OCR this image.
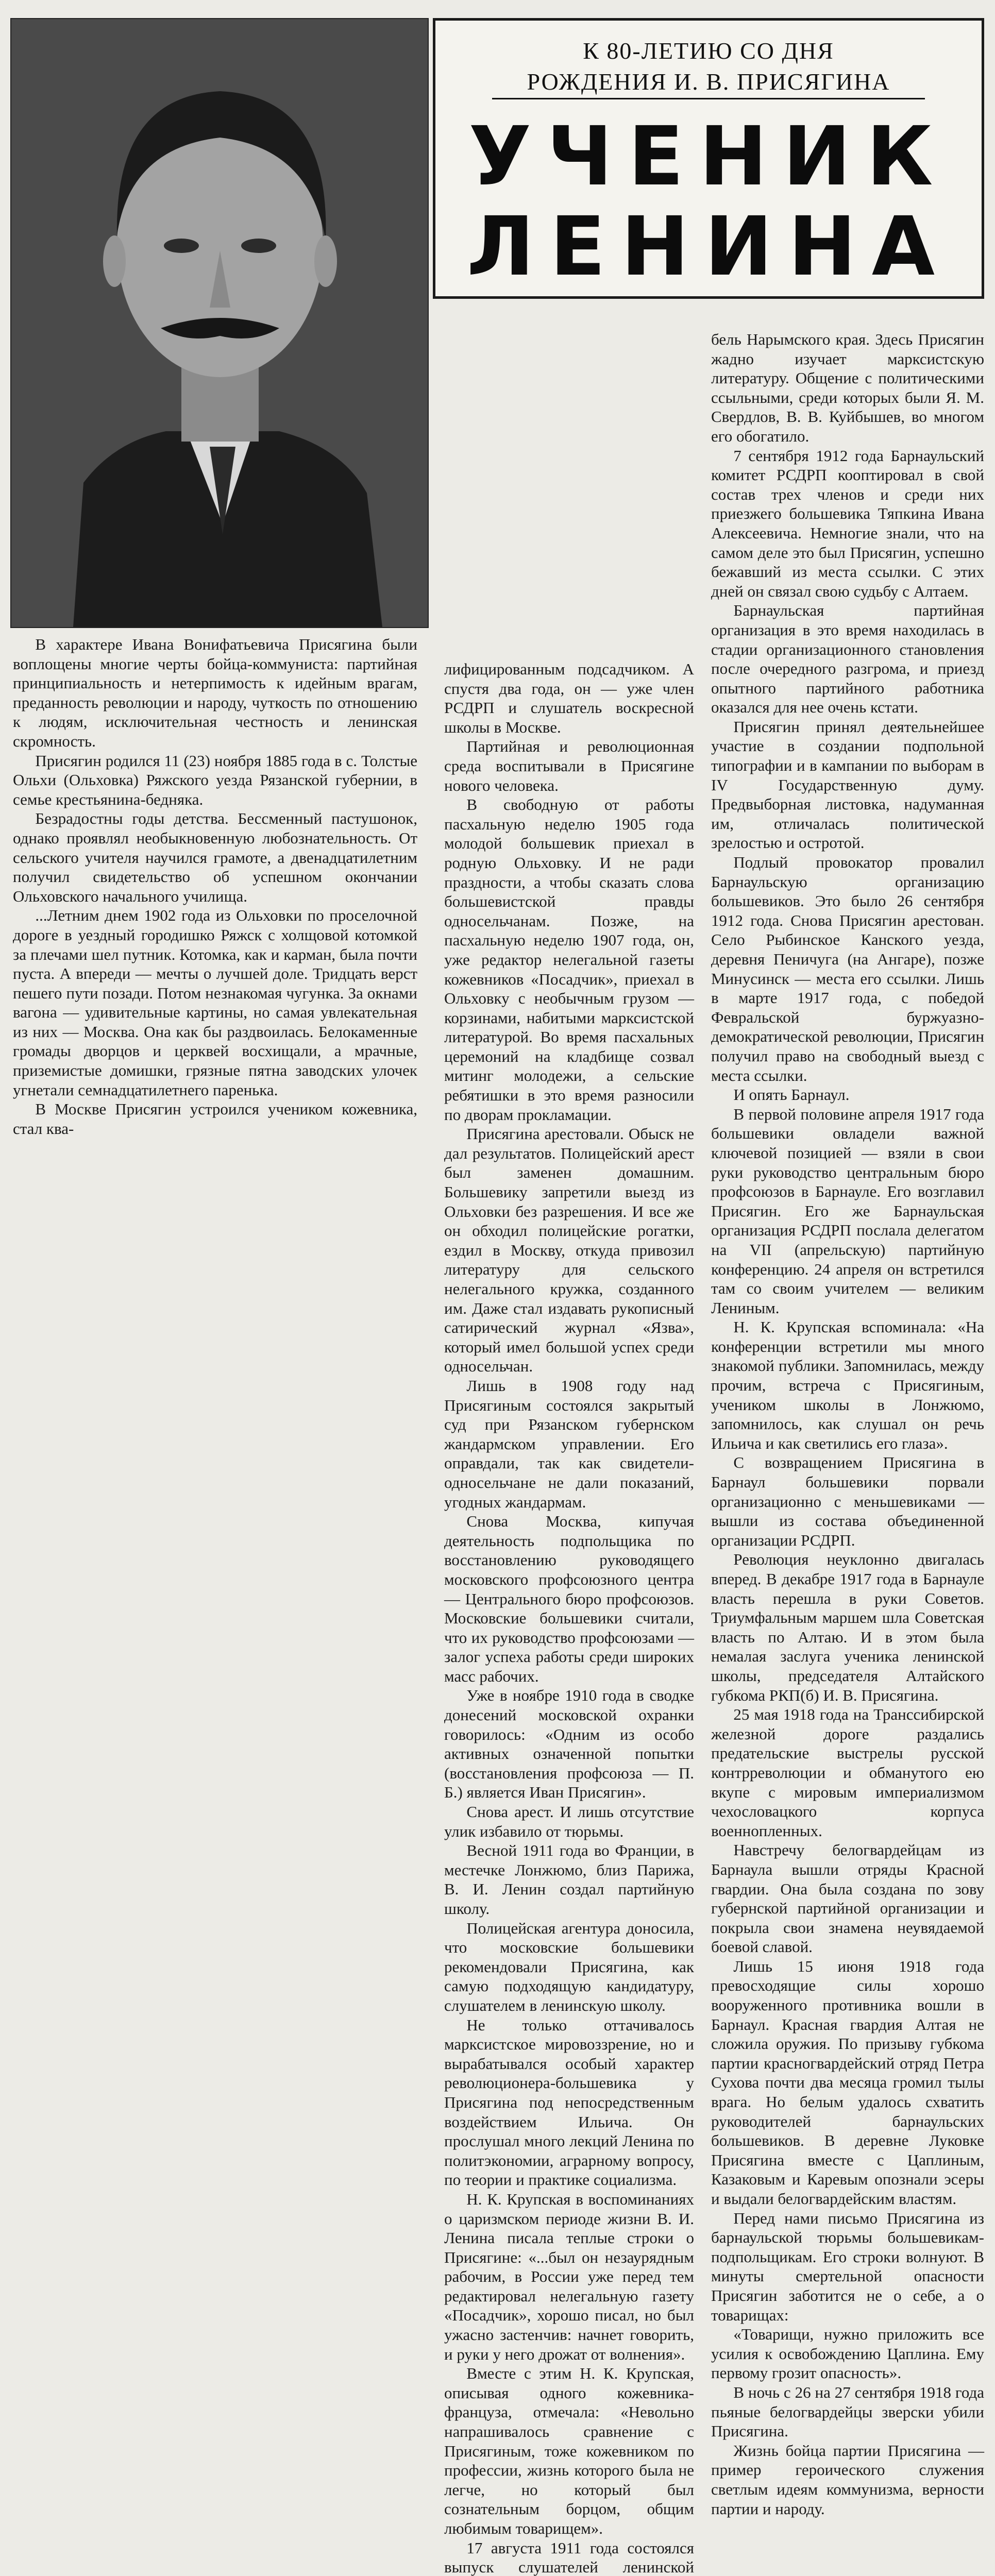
К 80-ЛЕТИЮ СО ДНЯ
РОЖДЕНИЯ И. В. ПРИСЯГИНА
УЧЕНИК
ЛЕНИНА

В характере Ивана Вонифатьевича Присягина были воплощены многие черты бойца-коммуниста: партийная принципиальность и нетерпимость к идейным врагам, преданность революции и народу, чуткость по отношению к людям, исключительная честность и ленинская скромность.

Присягин родился 11 (23) ноября 1885 года в с. Толстые Ольхи (Ольховка) Ряжского уезда Рязанской губернии, в семье крестьянина-бедняка.

Безрадостны годы детства. Бессменный пастушонок, однако проявлял необыкновенную любознательность. От сельского учителя научился грамоте, а двенадцатилетним получил свидетельство об успешном окончании Ольховского начального училища.

...Летним днем 1902 года из Ольховки по проселочной дороге в уездный городишко Ряжск с холщовой котомкой за плечами шел путник. Котомка, как и карман, была почти пуста. А впереди — мечты о лучшей доле. Тридцать верст пешего пути позади. Потом незнакомая чугунка. За окнами вагона — удивительные картины, но самая увлекательная из них — Москва. Она как бы раздвоилась. Белокаменные громады дворцов и церквей восхищали, а мрачные, приземистые домишки, грязные пятна заводских улочек угнетали семнадцатилетнего паренька.

В Москве Присягин устроился учеником кожевника, стал ква-

лифицированным подсадчиком. А спустя два года, он — уже член РСДРП и слушатель воскресной школы в Москве.

Партийная и революционная среда воспитывали в Присягине нового человека.

В свободную от работы пасхальную неделю 1905 года молодой большевик приехал в родную Ольховку. И не ради праздности, а чтобы сказать слова большевистской правды односельчанам. Позже, на пасхальную неделю 1907 года, он, уже редактор нелегальной газеты кожевников «Посадчик», приехал в Ольховку с необычным грузом — корзинами, набитыми марксистской литературой. Во время пасхальных церемоний на кладбище созвал митинг молодежи, а сельские ребятишки в это время разносили по дворам прокламации.

Присягина арестовали. Обыск не дал результатов. Полицейский арест был заменен домашним. Большевику запретили выезд из Ольховки без разрешения. И все же он обходил полицейские рогатки, ездил в Москву, откуда привозил литературу для сельского нелегального кружка, созданного им. Даже стал издавать рукописный сатирический журнал «Язва», который имел большой успех среди односельчан.

Лишь в 1908 году над Присягиным состоялся закрытый суд при Рязанском губернском жандармском управлении. Его оправдали, так как свидетели-односельчане не дали показаний, угодных жандармам.

Снова Москва, кипучая деятельность подпольщика по восстановлению руководящего московского профсоюзного центра — Центрального бюро профсоюзов. Московские большевики считали, что их руководство профсоюзами — залог успеха работы среди широких масс рабочих.

Уже в ноябре 1910 года в сводке донесений московской охранки говорилось: «Одним из особо активных означенной попытки (восстановления профсоюза — П. Б.) является Иван Присягин».

Снова арест. И лишь отсутствие улик избавило от тюрьмы.

Весной 1911 года во Франции, в местечке Лонжюмо, близ Парижа, В. И. Ленин создал партийную школу.

Полицейская агентура доносила, что московские большевики рекомендовали Присягина, как самую подходящую кандидатуру, слушателем в ленинскую школу.

Не только оттачивалось марксистское мировоззрение, но и вырабатывался особый характер революционера-большевика у Присягина под непосредственным воздействием Ильича. Он прослушал много лекций Ленина по политэкономии, аграрному вопросу, по теории и практике социализма.

Н. К. Крупская в воспоминаниях о царизмском периоде жизни В. И. Ленина писала теплые строки о Присягине: «...был он незаурядным рабочим, в России уже перед тем редактировал нелегальную газету «Посадчик», хорошо писал, но был ужасно застенчив: начнет говорить, и руки у него дрожат от волнения».

Вместе с этим Н. К. Крупская, описывая одного кожевника-француза, отмечала: «Невольно напрашивалось сравнение с Присягиным, тоже кожевником по профессии, жизнь которого была не легче, но который был сознательным борцом, общим любимым товарищем».

17 августа 1911 года состоялся выпуск слушателей ленинской

бель Нарымского края. Здесь Присягин жадно изучает марксистскую литературу. Общение с политическими ссыльными, среди которых были Я. М. Свердлов, В. В. Куйбышев, во многом его обогатило.

7 сентября 1912 года Барнаульский комитет РСДРП кооптировал в свой состав трех членов и среди них приезжего большевика Тяпкина Ивана Алексеевича. Немногие знали, что на самом деле это был Присягин, успешно бежавший из места ссылки. С этих дней он связал свою судьбу с Алтаем.

Барнаульская партийная организация в это время находилась в стадии организационного становления после очередного разгрома, и приезд опытного партийного работника оказался для нее очень кстати.

Присягин принял деятельнейшее участие в создании подпольной типографии и в кампании по выборам в IV Государственную думу. Предвыборная листовка, надуманная им, отличалась политической зрелостью и остротой.

Подлый провокатор провалил Барнаульскую организацию большевиков. Это было 26 сентября 1912 года. Снова Присягин арестован. Село Рыбинское Канского уезда, деревня Пеничуга (на Ангаре), позже Минусинск — места его ссылки. Лишь в марте 1917 года, с победой Февральской буржуазно-демократической революции, Присягин получил право на свободный выезд с места ссылки.

И опять Барнаул.

В первой половине апреля 1917 года большевики овладели важной ключевой позицией — взяли в свои руки руководство центральным бюро профсоюзов в Барнауле. Его возглавил Присягин. Его же Барнаульская организация РСДРП послала делегатом на VII (апрельскую) партийную конференцию. 24 апреля он встретился там со своим учителем — великим Лениным.

Н. К. Крупская вспоминала: «На конференции встретили мы много знакомой публики. Запомнилась, между прочим, встреча с Присягиным, учеником школы в Лонжюмо, запомнилось, как слушал он речь Ильича и как светились его глаза».

С возвращением Присягина в Барнаул большевики порвали организационно с меньшевиками — вышли из состава объединенной организации РСДРП.

Революция неуклонно двигалась вперед. В декабре 1917 года в Барнауле власть перешла в руки Советов. Триумфальным маршем шла Советская власть по Алтаю. И в этом была немалая заслуга ученика ленинской школы, председателя Алтайского губкома РКП(б) И. В. Присягина.

25 мая 1918 года на Транссибирской железной дороге раздались предательские выстрелы русской контрреволюции и обманутого ею вкупе с мировым империализмом чехословацкого корпуса военнопленных.

Навстречу белогвардейцам из Барнаула вышли отряды Красной гвардии. Она была создана по зову губернской партийной организации и покрыла свои знамена неувядаемой боевой славой.

Лишь 15 июня 1918 года превосходящие силы хорошо вооруженного противника вошли в Барнаул. Красная гвардия Алтая не сложила оружия. По призыву губкома партии красногвардейский отряд Петра Сухова почти два месяца громил тылы врага. Но белым удалось схватить руководителей барнаульских большевиков. В деревне Луковке Присягина вместе с Цаплиным, Казаковым и Каревым опознали эсеры и выдали белогвардейским властям.

Перед нами письмо Присягина из барнаульской тюрьмы большевикам-подпольщикам. Его строки волнуют. В минуты смертельной опасности Присягин заботится не о себе, а о товарищах:

«Товарищи, нужно приложить все усилия к освобождению Цаплина. Ему первому грозит опасность».

В ночь с 26 на 27 сентября 1918 года пьяные белогвардейцы зверски убили Присягина.

Жизнь бойца партии Присягина — пример героического служения светлым идеям коммунизма, верности партии и народу.
